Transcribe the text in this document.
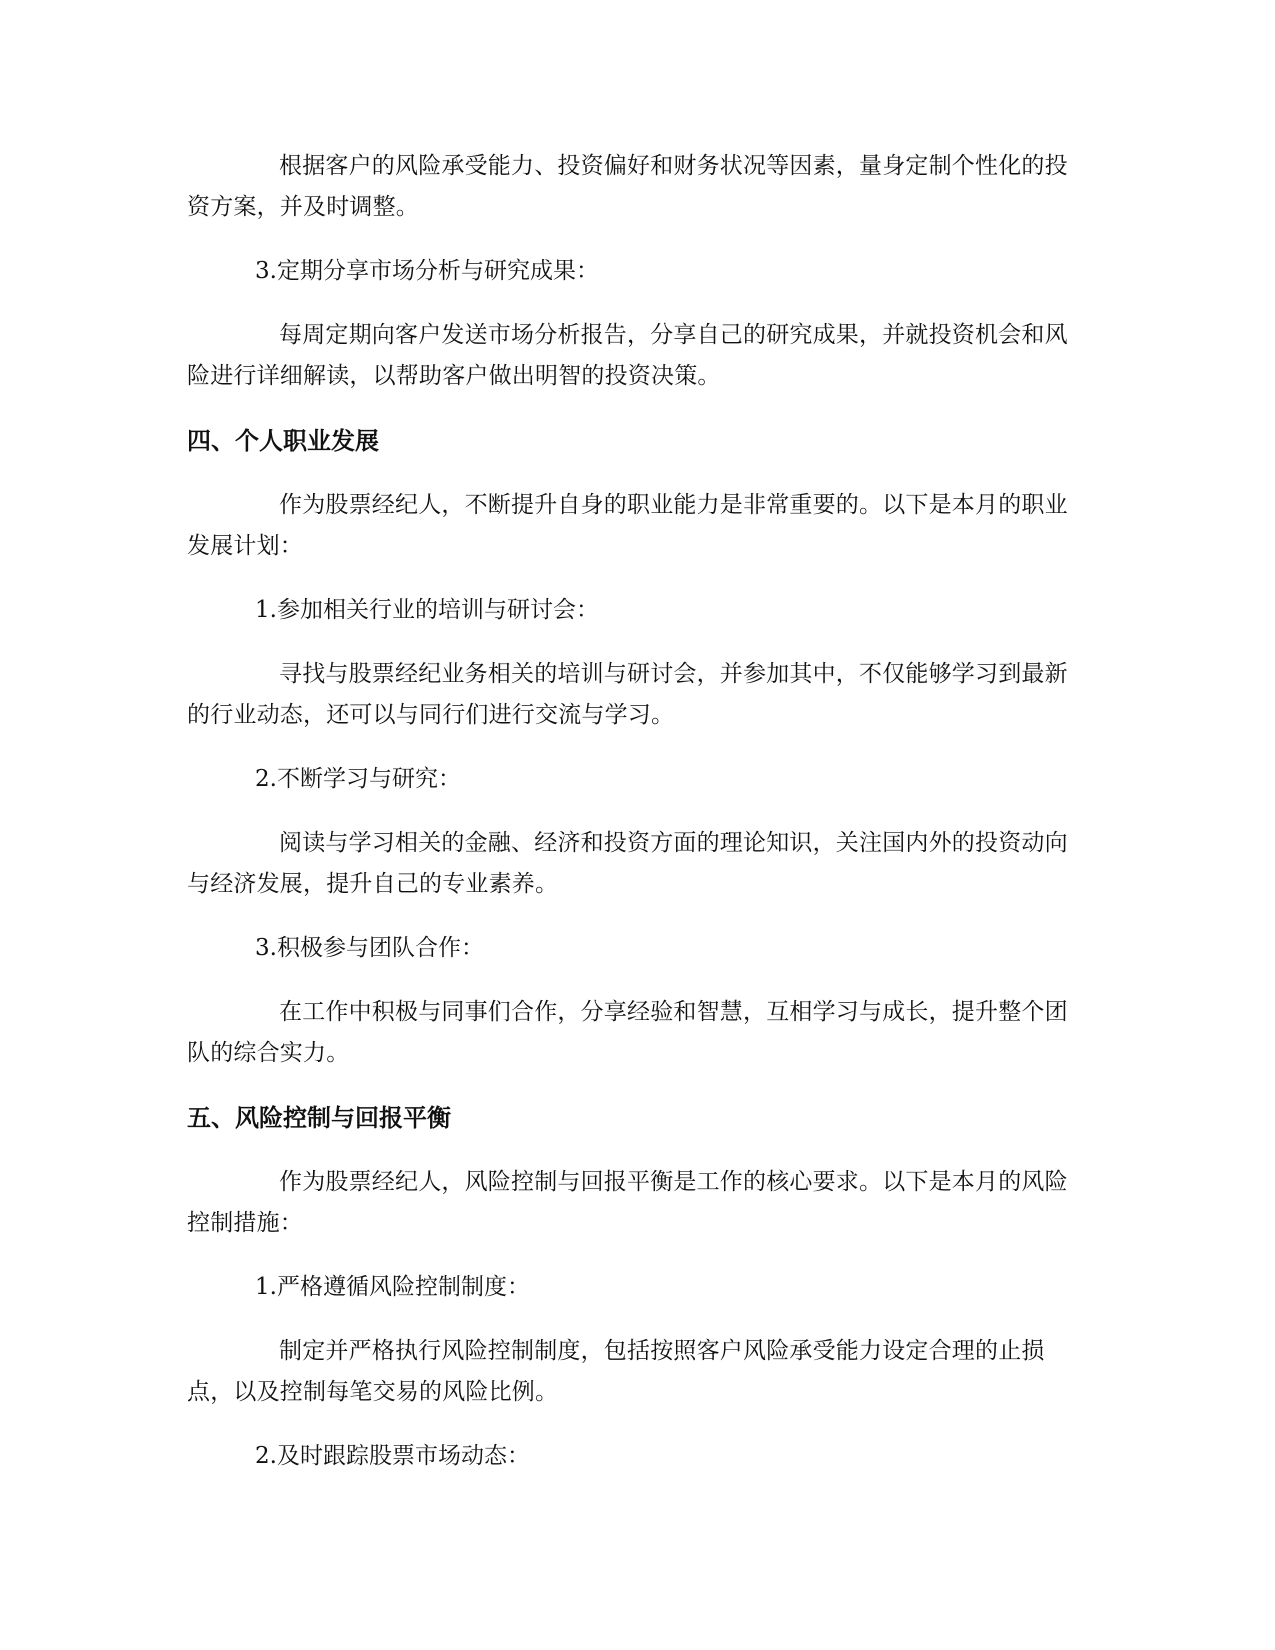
根据客户的风险承受能力、投资偏好和财务状况等因素，量身定制个性化的投资方案，并及时调整。

3.定期分享市场分析与研究成果：

每周定期向客户发送市场分析报告，分享自己的研究成果，并就投资机会和风险进行详细解读，以帮助客户做出明智的投资决策。

四、个人职业发展

作为股票经纪人，不断提升自身的职业能力是非常重要的。以下是本月的职业发展计划：

1.参加相关行业的培训与研讨会：

寻找与股票经纪业务相关的培训与研讨会，并参加其中，不仅能够学习到最新的行业动态，还可以与同行们进行交流与学习。

2.不断学习与研究：

阅读与学习相关的金融、经济和投资方面的理论知识，关注国内外的投资动向与经济发展，提升自己的专业素养。

3.积极参与团队合作：

在工作中积极与同事们合作，分享经验和智慧，互相学习与成长，提升整个团队的综合实力。

五、风险控制与回报平衡

作为股票经纪人，风险控制与回报平衡是工作的核心要求。以下是本月的风险控制措施：

1.严格遵循风险控制制度：

制定并严格执行风险控制制度，包括按照客户风险承受能力设定合理的止损点，以及控制每笔交易的风险比例。

2.及时跟踪股票市场动态：
